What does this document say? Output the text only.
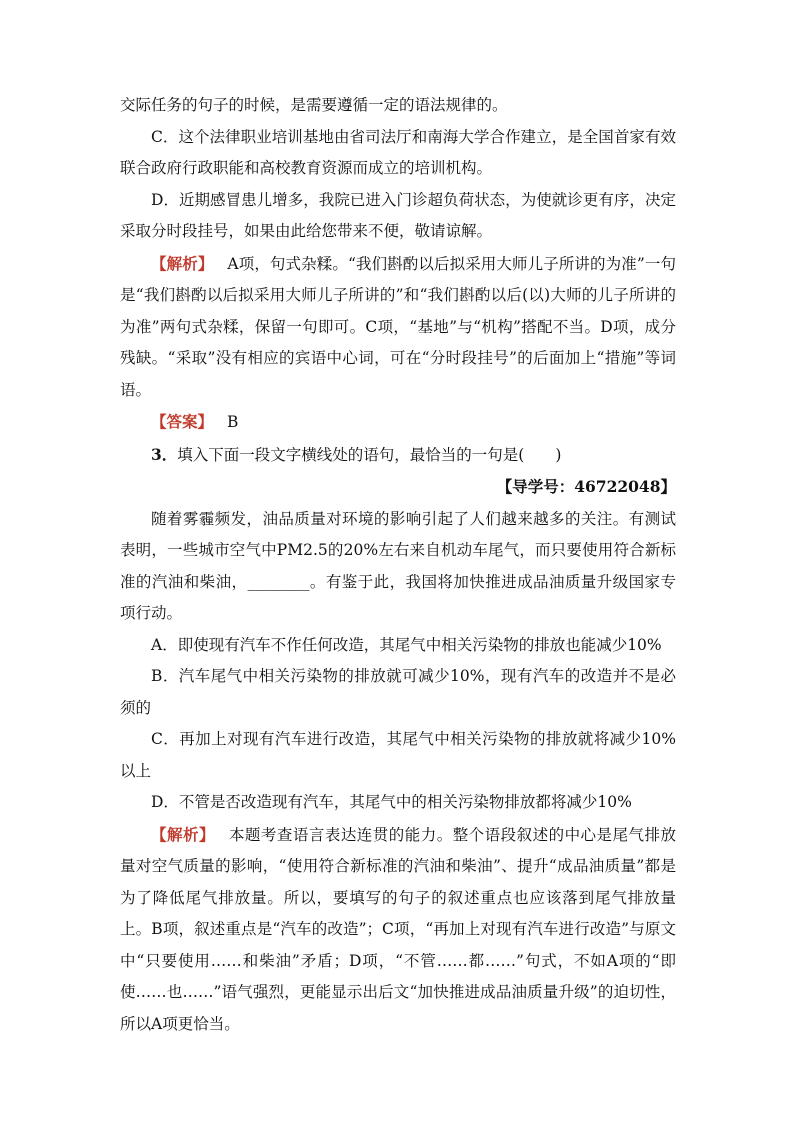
交际任务的句子的时候，是需要遵循一定的语法规律的。

C．这个法律职业培训基地由省司法厅和南海大学合作建立，是全国首家有效联合政府行政职能和高校教育资源而成立的培训机构。

D．近期感冒患儿增多，我院已进入门诊超负荷状态，为使就诊更有序，决定采取分时段挂号，如果由此给您带来不便，敬请谅解。

【解析】 A项，句式杂糅。“我们斟酌以后拟采用大师儿子所讲的为准”一句是“我们斟酌以后拟采用大师儿子所讲的”和“我们斟酌以后(以)大师的儿子所讲的为准”两句式杂糅，保留一句即可。C项，“基地”与“机构”搭配不当。D项，成分残缺。“采取”没有相应的宾语中心词，可在“分时段挂号”的后面加上“措施”等词语。

【答案】 B

3．填入下面一段文字横线处的语句，最恰当的一句是(　　)

【导学号：46722048】

随着雾霾频发，油品质量对环境的影响引起了人们越来越多的关注。有测试表明，一些城市空气中PM2.5的20%左右来自机动车尾气，而只要使用符合新标准的汽油和柴油，________。有鉴于此，我国将加快推进成品油质量升级国家专项行动。

A．即使现有汽车不作任何改造，其尾气中相关污染物的排放也能减少10%

B．汽车尾气中相关污染物的排放就可减少10%，现有汽车的改造并不是必须的

C．再加上对现有汽车进行改造，其尾气中相关污染物的排放就将减少10%以上

D．不管是否改造现有汽车，其尾气中的相关污染物排放都将减少10%

【解析】 本题考查语言表达连贯的能力。整个语段叙述的中心是尾气排放量对空气质量的影响，“使用符合新标准的汽油和柴油”、提升“成品油质量”都是为了降低尾气排放量。所以，要填写的句子的叙述重点也应该落到尾气排放量上。B项，叙述重点是“汽车的改造”；C项，“再加上对现有汽车进行改造”与原文中“只要使用……和柴油”矛盾；D项，“不管……都……”句式，不如A项的“即使……也……”语气强烈，更能显示出后文“加快推进成品油质量升级”的迫切性，所以A项更恰当。
